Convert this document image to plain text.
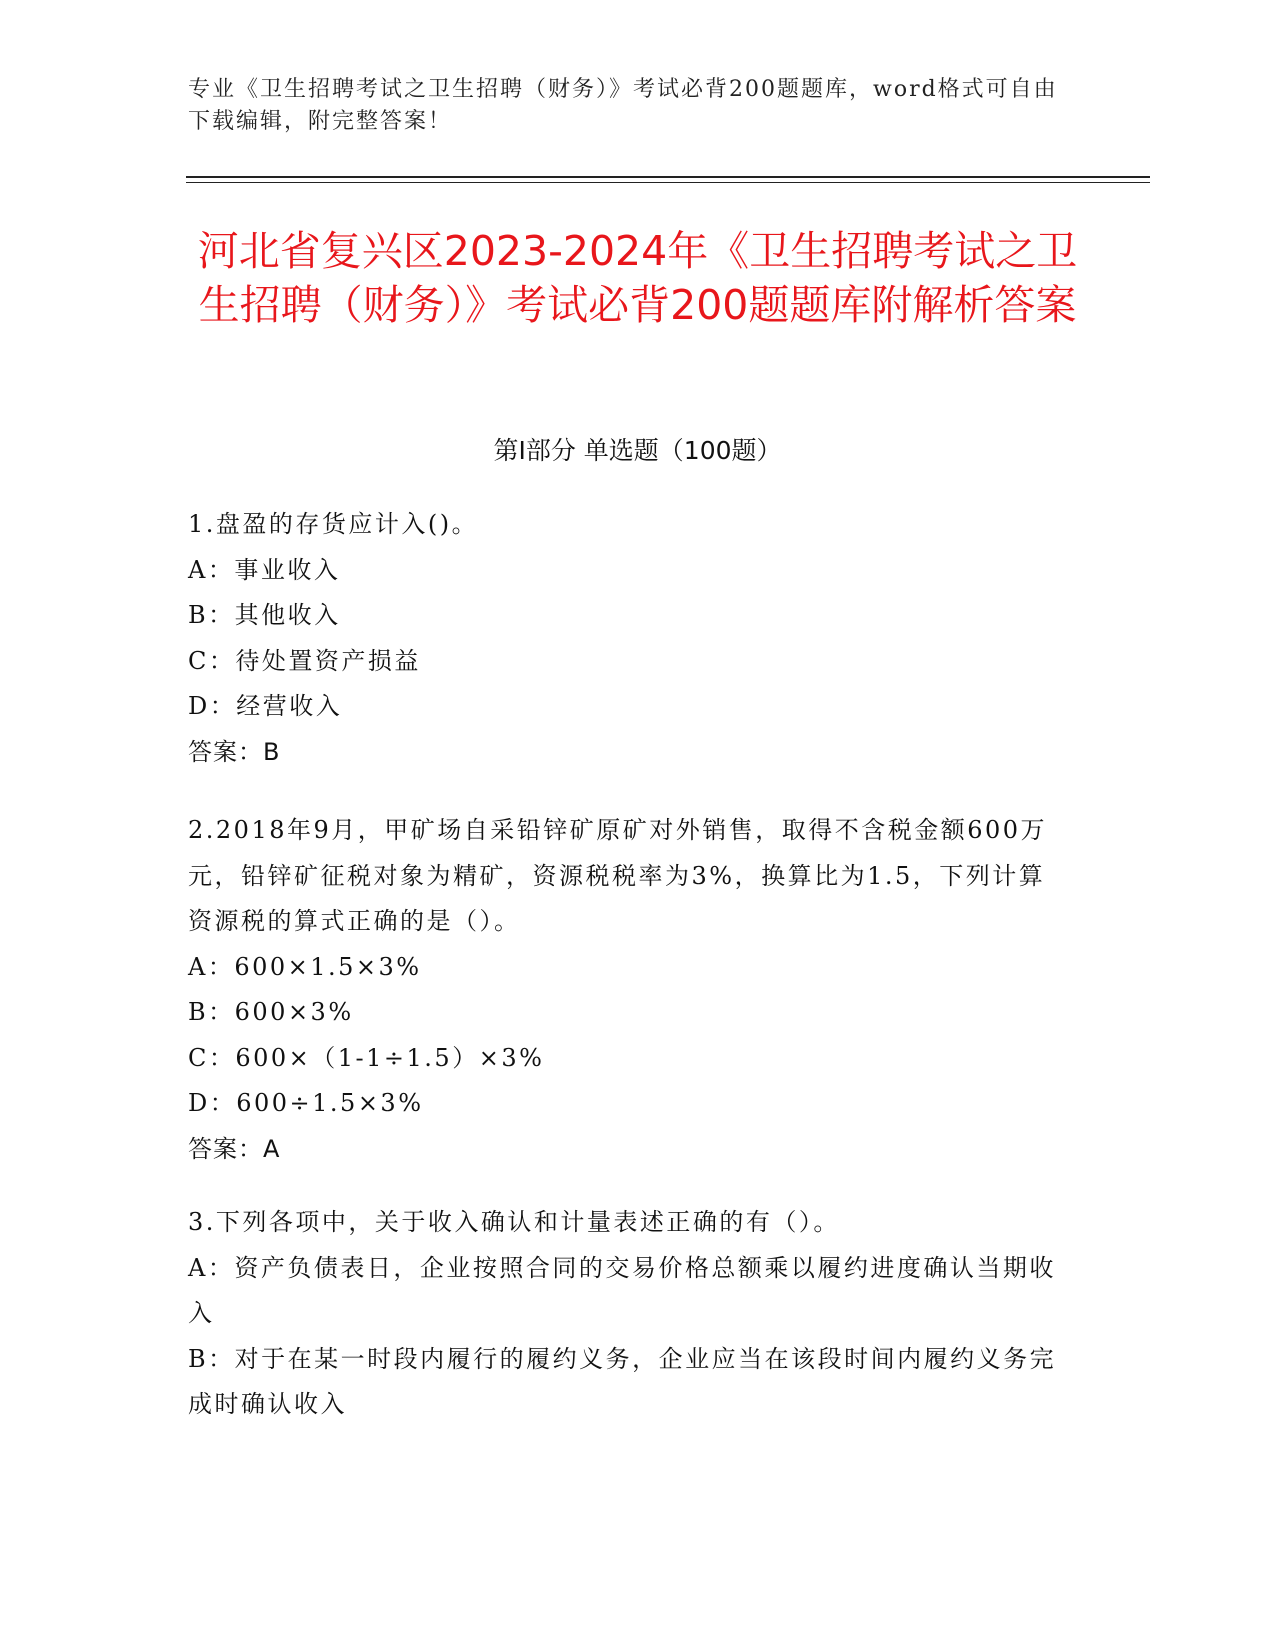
专业《卫生招聘考试之卫生招聘（财务）》考试必背200题题库，word格式可自由下载编辑，附完整答案！
河北省复兴区2023-2024年《卫生招聘考试之卫生招聘（财务）》考试必背200题题库附解析答案
第Ⅰ部分 单选题（100题）
1.盘盈的存货应计入()。
A：事业收入
B：其他收入
C：待处置资产损益
D：经营收入
答案：B
2.2018年9月，甲矿场自采铅锌矿原矿对外销售，取得不含税金额600万元，铅锌矿征税对象为精矿，资源税税率为3%，换算比为1.5，下列计算资源税的算式正确的是（）。
A：600×1.5×3%
B：600×3%
C：600×（1-1÷1.5）×3%
D：600÷1.5×3%
答案：A
3.下列各项中，关于收入确认和计量表述正确的有（）。
A：资产负债表日，企业按照合同的交易价格总额乘以履约进度确认当期收入
B：对于在某一时段内履行的履约义务，企业应当在该段时间内履约义务完成时确认收入
